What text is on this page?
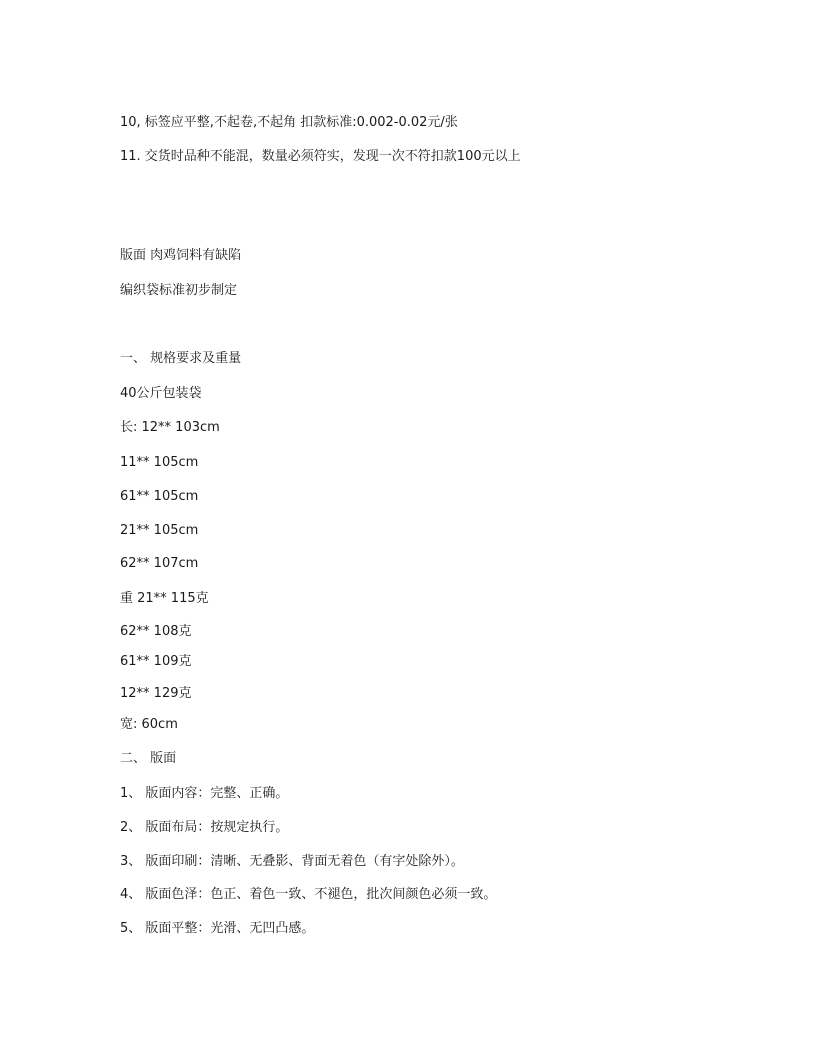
10, 标签应平整,不起卷,不起角 扣款标准:0.002-0.02元/张
11. 交货时品种不能混，数量必须符实，发现一次不符扣款100元以上
版面 肉鸡饲料有缺陷
编织袋标准初步制定
一、 规格要求及重量
40公斤包装袋
长: 12** 103cm
11** 105cm
61** 105cm
21** 105cm
62** 107cm
重 21** 115克
62** 108克
61** 109克
12** 129克
宽: 60cm
二、 版面
1、 版面内容：完整、正确。
2、 版面布局：按规定执行。
3、 版面印刷：清晰、无叠影、背面无着色（有字处除外）。
4、 版面色泽：色正、着色一致、不褪色，批次间颜色必须一致。
5、 版面平整：光滑、无凹凸感。
